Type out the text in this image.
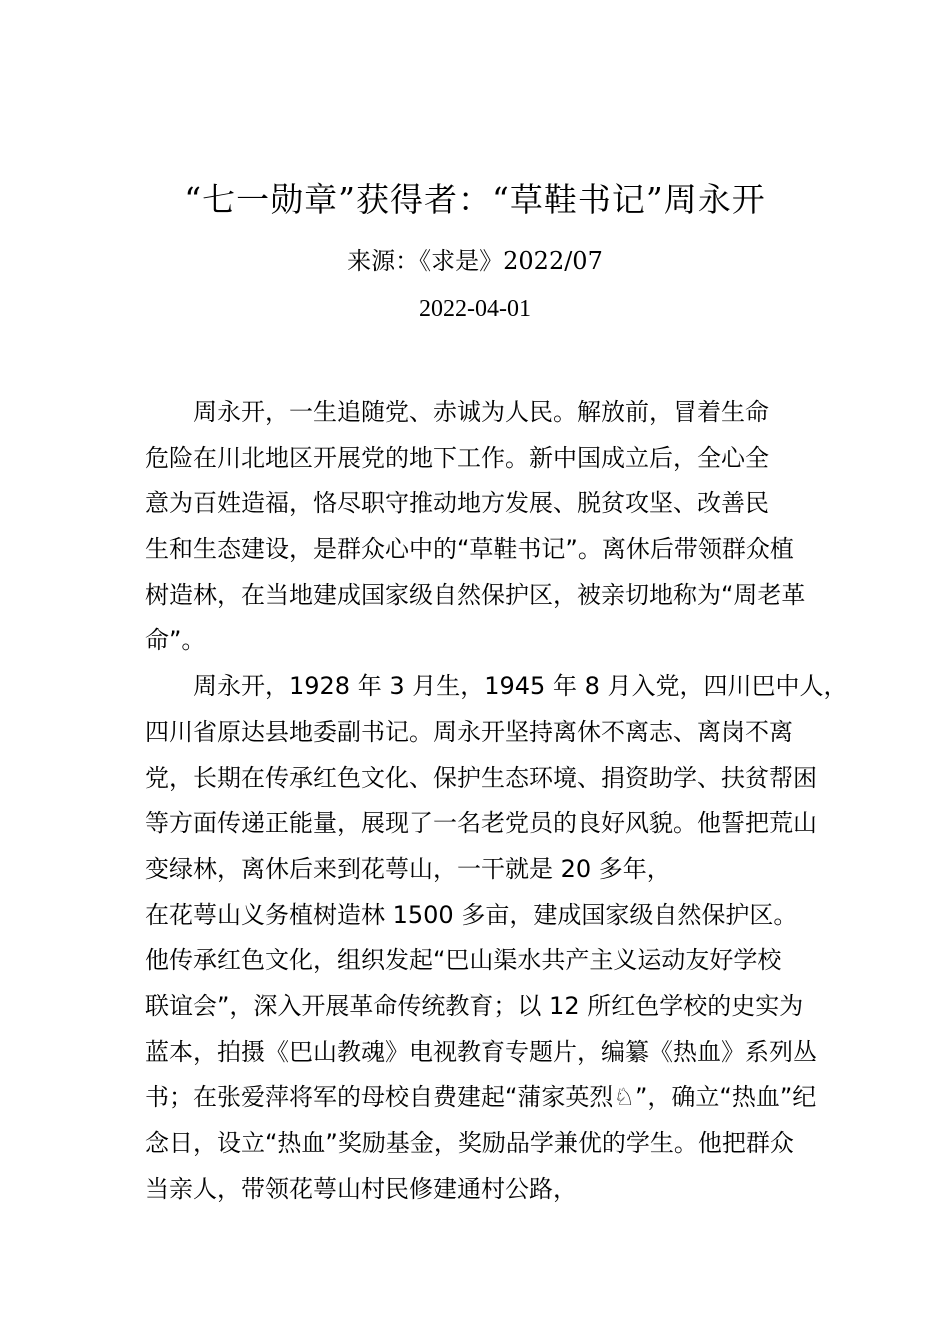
“七一勋章”获得者：“草鞋书记”周永开
来源：《求是》2022/07
2022-04-01
周永开，一生追随党、赤诚为人民。解放前，冒着生命
危险在川北地区开展党的地下工作。新中国成立后，全心全
意为百姓造福，恪尽职守推动地方发展、脱贫攻坚、改善民
生和生态建设，是群众心中的“草鞋书记”。离休后带领群众植
树造林，在当地建成国家级自然保护区，被亲切地称为“周老革
命”。
周永开，1928 年 3 月生，1945 年 8 月入党，四川巴中人，
四川省原达县地委副书记。周永开坚持离休不离志、离岗不离
党，长期在传承红色文化、保护生态环境、捐资助学、扶贫帮困
等方面传递正能量，展现了一名老党员的良好风貌。他誓把荒山
变绿林，离休后来到花萼山，一干就是 20 多年，
在花萼山义务植树造林 1500 多亩，建成国家级自然保护区。
他传承红色文化，组织发起“巴山渠水共产主义运动友好学校
联谊会”，深入开展革命传统教育；以 12 所红色学校的史实为
蓝本，拍摄《巴山教魂》电视教育专题片，编纂《热血》系列丛
书；在张爱萍将军的母校自费建起“蒲家英烈♘”，确立“热血”纪
念日，设立“热血”奖励基金，奖励品学兼优的学生。他把群众
当亲人，带领花萼山村民修建通村公路，
